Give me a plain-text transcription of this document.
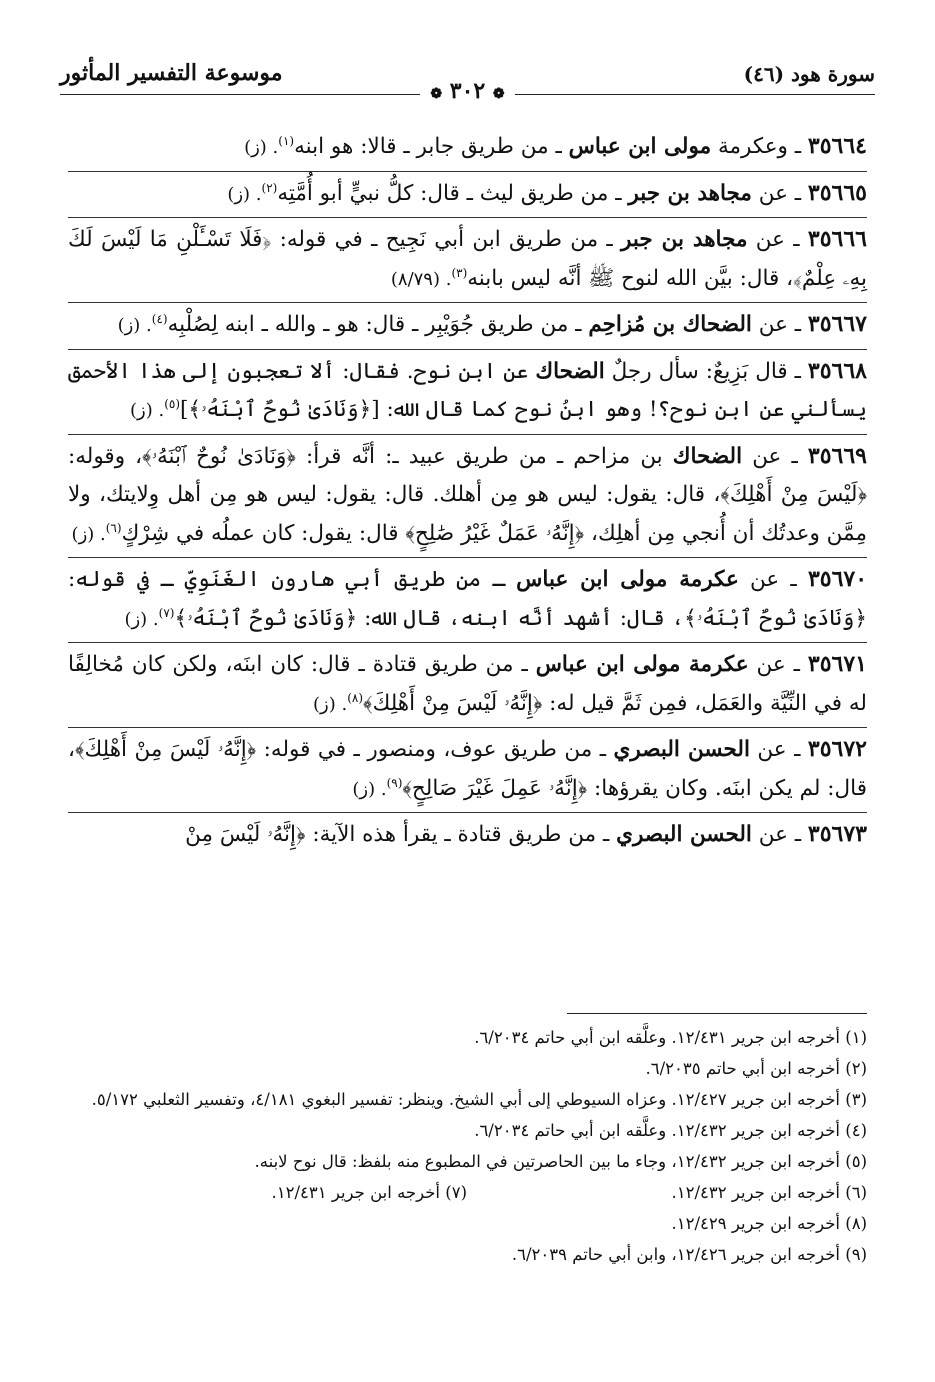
موسوعة التفسير المأثور
❁ ٣٠٢ ❁
سورة هود (٤٦)
٣٥٦٦٤ ـ وعكرمة مولى ابن عباس ـ من طريق جابر ـ قالا: هو ابنه$^{(١)}$. (ز)
٣٥٦٦٥ ـ عن مجاهد بن جبر ـ من طريق ليث ـ قال: كلُّ نبيٍّ أبو أُمَّتِه$^{(٢)}$. (ز)
٣٥٦٦٦ ـ عن مجاهد بن جبر ـ من طريق ابن أبي نَجِيح ـ في قوله: ﴿فَلَا تَسْـَٔلْنِ مَا لَيْسَ لَكَ بِهِۦ عِلْمٌ﴾، قال: بيَّن الله لنوح ﷺ أنَّه ليس بابنه$^{(٣)}$. (٨/٧٩)
٣٥٦٦٧ ـ عن الضحاك بن مُزاحِم ـ من طريق جُوَيْبِر ـ قال: هو ـ والله ـ ابنه لِصُلْبِه$^{(٤)}$. (ز)
٣٥٦٦٨ ـ قال بَزِيعٌ: سأل رجلٌ الضحاك عن ابن نوح. فقال: ألا تعجبون إلى هذا الأحمق يسألني عن ابن نوح؟! وهو ابنُ نوح كما قال الله: [﴿وَنَادَىٰ نُوحٌ ٱبْنَهُۥ﴾]$^{(٥)}$. (ز)
٣٥٦٦٩ ـ عن الضحاك بن مزاحم ـ من طريق عبيد ـ: أنَّه قرأ: ﴿وَنَادَىٰ نُوحٌ ٱبْنَهُۥ﴾، وقوله: ﴿لَيْسَ مِنْ أَهْلِكَ﴾، قال: يقول: ليس هو مِن أهلك. قال: يقول: ليس هو مِن أهل وِلايتك، ولا مِمَّن وعدتُك أن أُنجي مِن أهلِك، ﴿إِنَّهُۥ عَمَلٌ غَيْرُ صَٰلِحٍ﴾ قال: يقول: كان عملُه في شِرْكٍ$^{(٦)}$. (ز)
٣٥٦٧٠ ـ عن عكرمة مولى ابن عباس ـ من طريق أبي هارون الغَنَوِيِّ ـ في قوله: ﴿وَنَادَىٰ نُوحٌ ٱبْنَهُۥ﴾، قال: أشهد أنَّه ابنه، قال الله: ﴿وَنَادَىٰ نُوحٌ ٱبْنَهُۥ﴾$^{(٧)}$. (ز)
٣٥٦٧١ ـ عن عكرمة مولى ابن عباس ـ من طريق قتادة ـ قال: كان ابنَه، ولكن كان مُخالِفًا له في النِّيَّة والعَمَل، فمِن ثَمَّ قيل له: ﴿إِنَّهُۥ لَيْسَ مِنْ أَهْلِكَ﴾$^{(٨)}$. (ز)
٣٥٦٧٢ ـ عن الحسن البصري ـ من طريق عوف، ومنصور ـ في قوله: ﴿إِنَّهُۥ لَيْسَ مِنْ أَهْلِكَ﴾، قال: لم يكن ابنَه. وكان يقرؤها: ﴿إِنَّهُۥ عَمِلَ غَيْرَ صَالِحٍ﴾$^{(٩)}$. (ز)
٣٥٦٧٣ ـ عن الحسن البصري ـ من طريق قتادة ـ يقرأ هذه الآية: ﴿إِنَّهُۥ لَيْسَ مِنْ

(١) أخرجه ابن جرير ١٢/٤٣١. وعلَّقه ابن أبي حاتم ٦/٢٠٣٤.

(٢) أخرجه ابن أبي حاتم ٦/٢٠٣٥.

(٣) أخرجه ابن جرير ١٢/٤٢٧. وعزاه السيوطي إلى أبي الشيخ. وينظر: تفسير البغوي ٤/١٨١، وتفسير الثعلبي ٥/١٧٢.

(٤) أخرجه ابن جرير ١٢/٤٣٢. وعلَّقه ابن أبي حاتم ٦/٢٠٣٤.

(٥) أخرجه ابن جرير ١٢/٤٣٢، وجاء ما بين الحاصرتين في المطبوع منه بلفظ: قال نوح لابنه.

(٦) أخرجه ابن جرير ١٢/٤٣٢.
(٧) أخرجه ابن جرير ١٢/٤٣١.

(٨) أخرجه ابن جرير ١٢/٤٢٩.

(٩) أخرجه ابن جرير ١٢/٤٢٦، وابن أبي حاتم ٦/٢٠٣٩.
